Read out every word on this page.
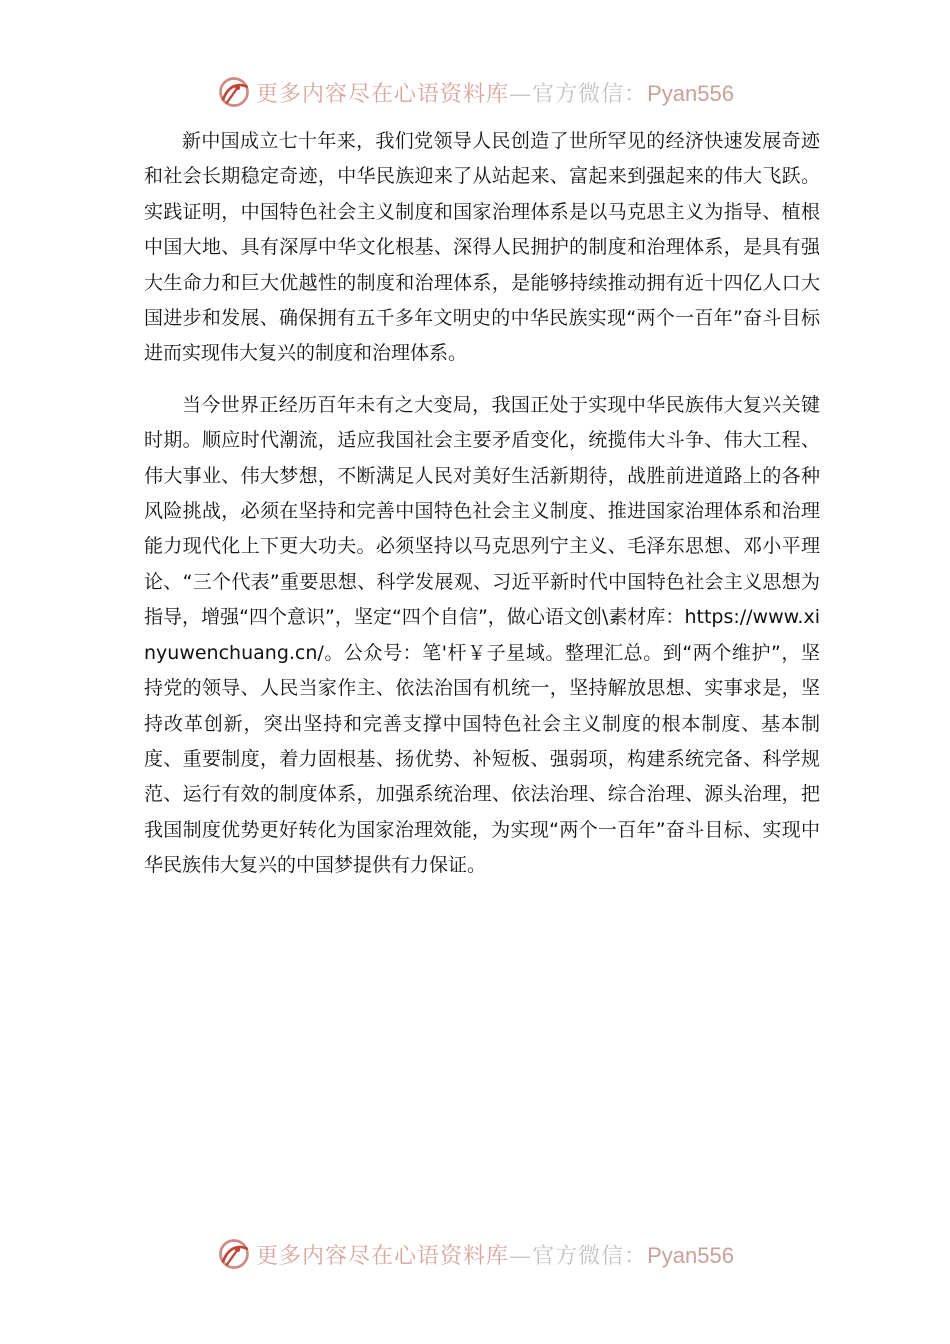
更多内容尽在心语资料库—官方微信：Pyan556

新中国成立七十年来，我们党领导人民创造了世所罕见的经济快速发展奇迹和社会长期稳定奇迹，中华民族迎来了从站起来、富起来到强起来的伟大飞跃。实践证明，中国特色社会主义制度和国家治理体系是以马克思主义为指导、植根中国大地、具有深厚中华文化根基、深得人民拥护的制度和治理体系，是具有强大生命力和巨大优越性的制度和治理体系，是能够持续推动拥有近十四亿人口大国进步和发展、确保拥有五千多年文明史的中华民族实现“两个一百年”奋斗目标进而实现伟大复兴的制度和治理体系。

当今世界正经历百年未有之大变局，我国正处于实现中华民族伟大复兴关键时期。顺应时代潮流，适应我国社会主要矛盾变化，统揽伟大斗争、伟大工程、伟大事业、伟大梦想，不断满足人民对美好生活新期待，战胜前进道路上的各种风险挑战，必须在坚持和完善中国特色社会主义制度、推进国家治理体系和治理能力现代化上下更大功夫。必须坚持以马克思列宁主义、毛泽东思想、邓小平理论、“三个代表”重要思想、科学发展观、习近平新时代中国特色社会主义思想为指导，增强“四个意识”，坚定“四个自信”，做心语文创\素材库：https://www.xinyuwenchuang.cn/。公众号：笔'杆￥子星域。整理汇总。到“两个维护”，坚持党的领导、人民当家作主、依法治国有机统一，坚持解放思想、实事求是，坚持改革创新，突出坚持和完善支撑中国特色社会主义制度的根本制度、基本制度、重要制度，着力固根基、扬优势、补短板、强弱项，构建系统完备、科学规范、运行有效的制度体系，加强系统治理、依法治理、综合治理、源头治理，把我国制度优势更好转化为国家治理效能，为实现“两个一百年”奋斗目标、实现中华民族伟大复兴的中国梦提供有力保证。

更多内容尽在心语资料库—官方微信：Pyan556
